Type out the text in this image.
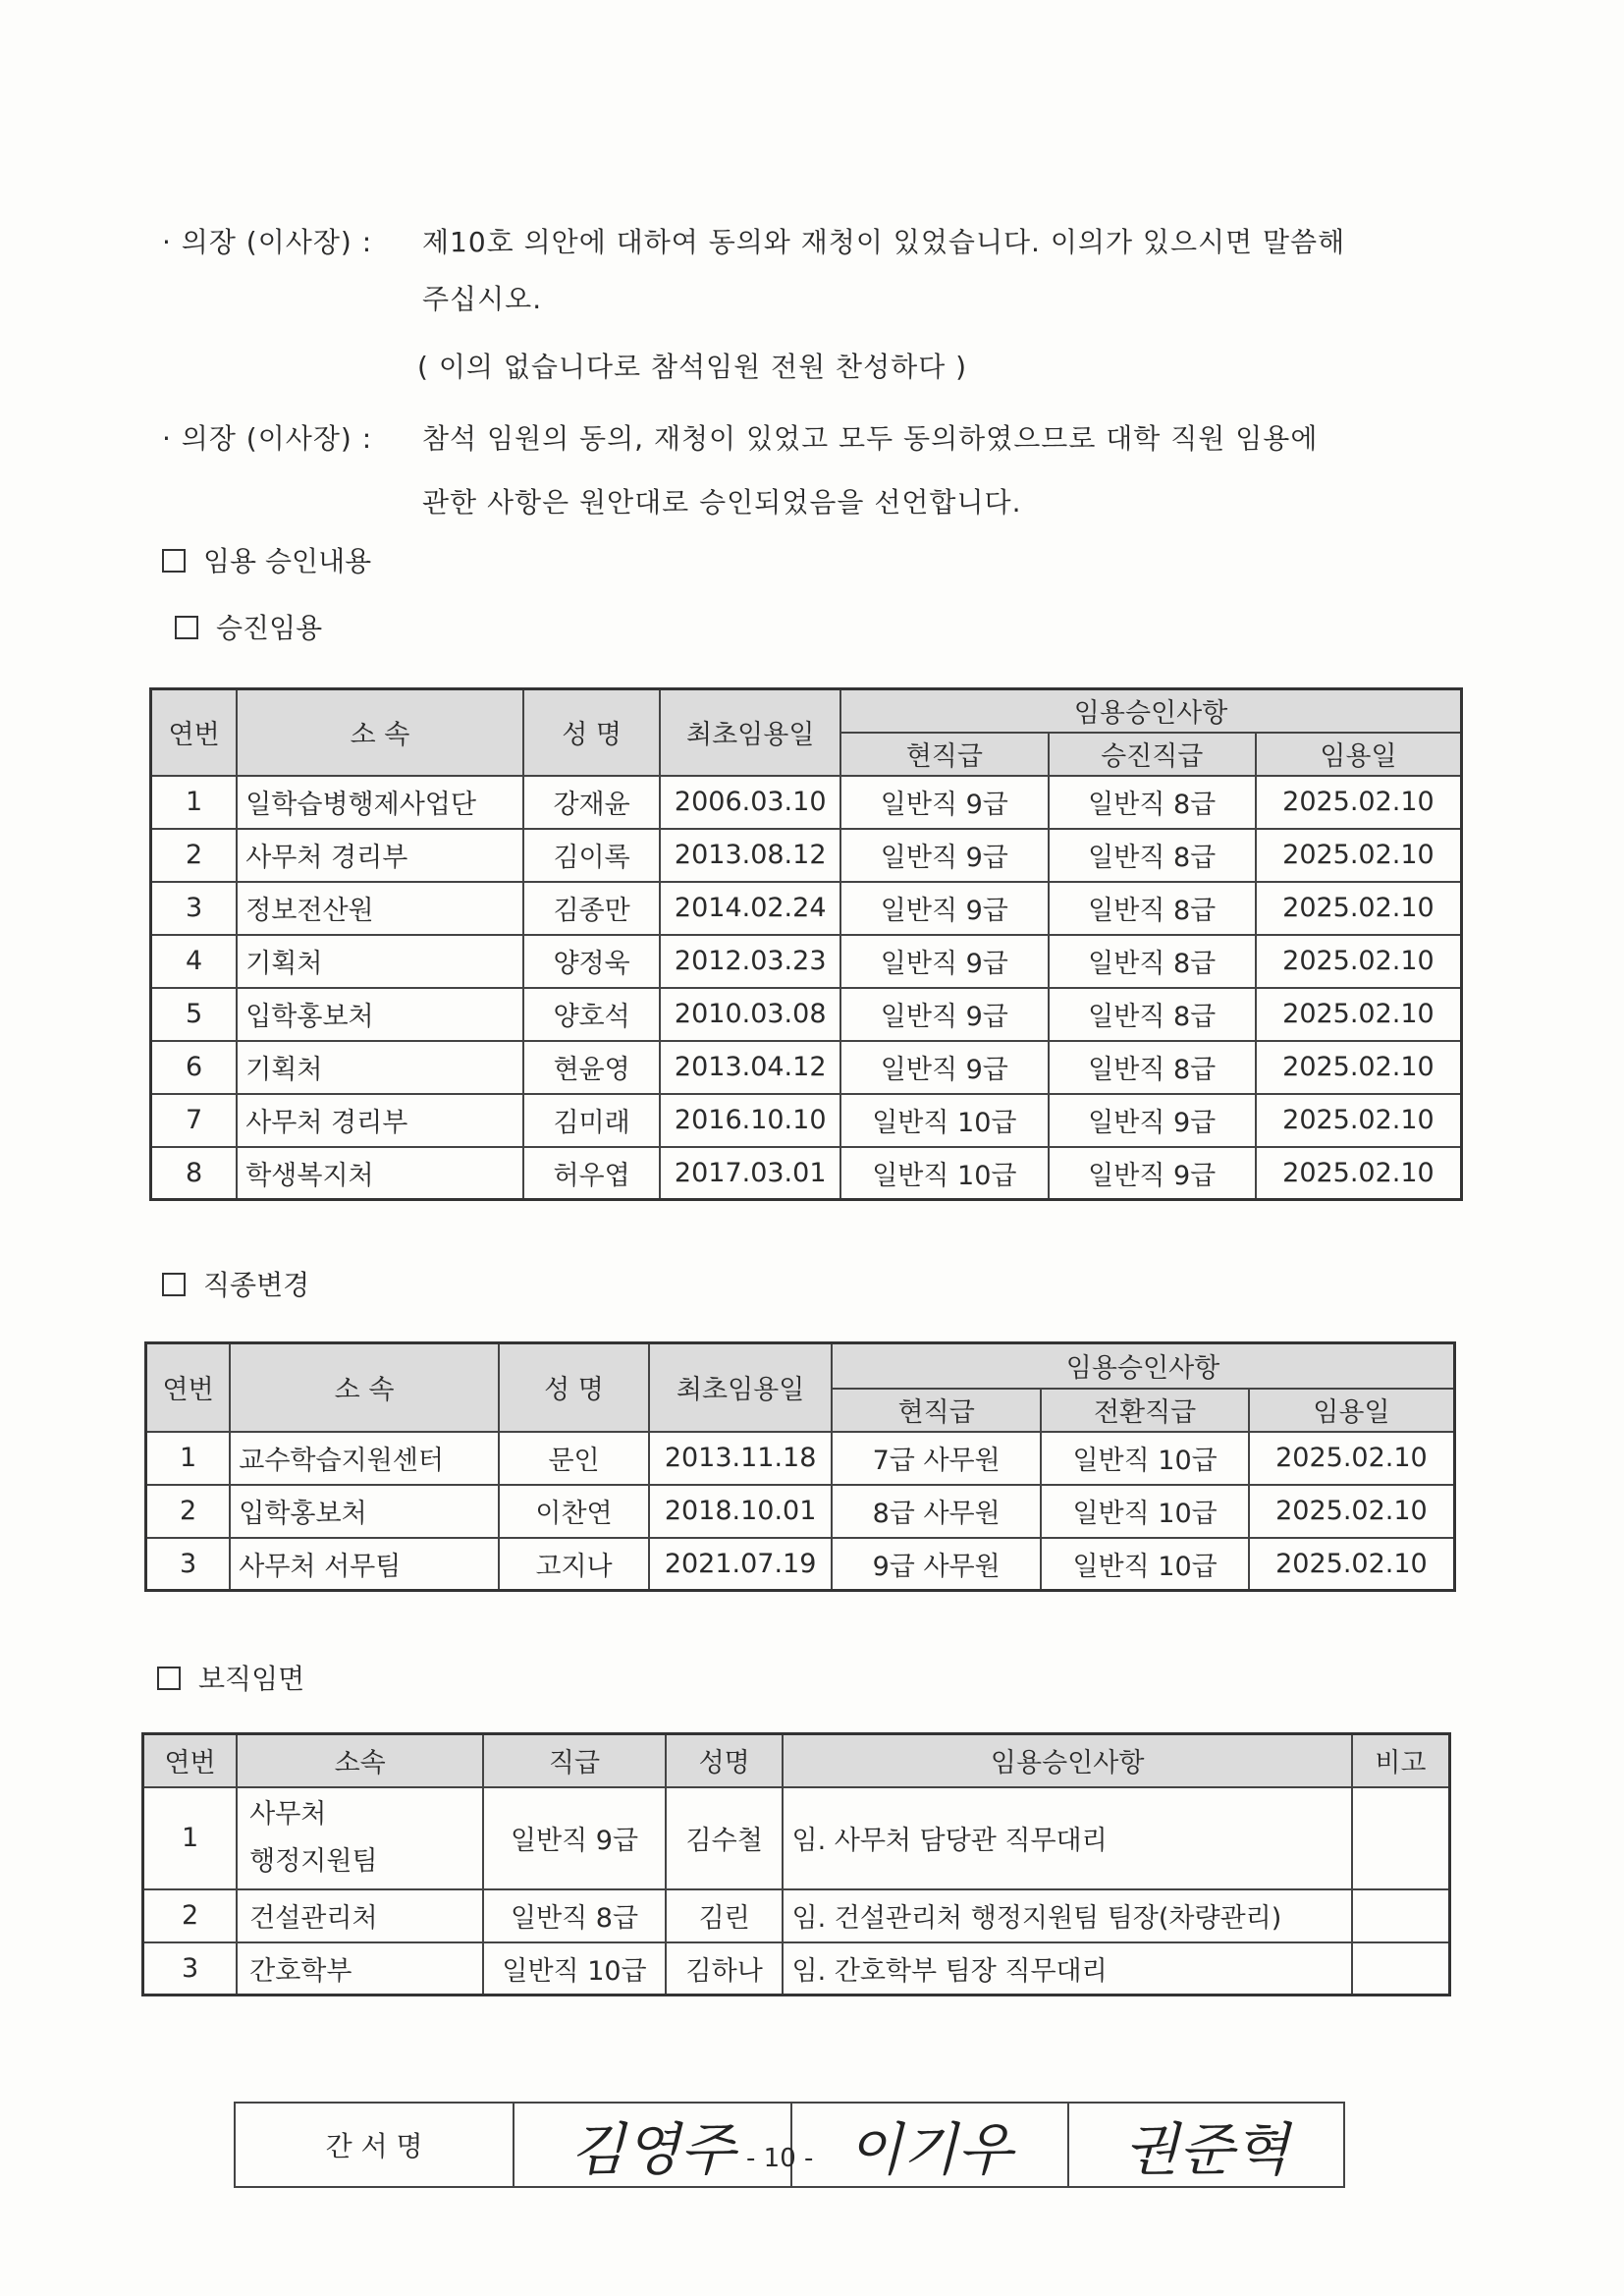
· 의장 (이사장) : 제10호 의안에 대하여 동의와 재청이 있었습니다. 이의가 있으시면 말씀해
주십시오.
( 이의 없습니다로 참석임원 전원 찬성하다 )
· 의장 (이사장) : 참석 임원의 동의, 재청이 있었고 모두 동의하였으므로 대학 직원 임용에
관한 사항은 원안대로 승인되었음을 선언합니다.
임용 승인내용
승진임용
연번	소 속	성 명	최초임용일	임용승인사항		
				현직급	승진직급	임용일
1	일학습병행제사업단	강재윤	2006.03.10	일반직 9급	일반직 8급	2025.02.10
2	사무처 경리부	김이록	2013.08.12	일반직 9급	일반직 8급	2025.02.10
3	정보전산원	김종만	2014.02.24	일반직 9급	일반직 8급	2025.02.10
4	기획처	양정욱	2012.03.23	일반직 9급	일반직 8급	2025.02.10
5	입학홍보처	양호석	2010.03.08	일반직 9급	일반직 8급	2025.02.10
6	기획처	현윤영	2013.04.12	일반직 9급	일반직 8급	2025.02.10
7	사무처 경리부	김미래	2016.10.10	일반직 10급	일반직 9급	2025.02.10
8	학생복지처	허우엽	2017.03.01	일반직 10급	일반직 9급	2025.02.10
직종변경
연번	소 속	성 명	최초임용일	임용승인사항		
				현직급	전환직급	임용일
1	교수학습지원센터	문인	2013.11.18	7급 사무원	일반직 10급	2025.02.10
2	입학홍보처	이찬연	2018.10.01	8급 사무원	일반직 10급	2025.02.10
3	사무처 서무팀	고지나	2021.07.19	9급 사무원	일반직 10급	2025.02.10
보직임면
연번	소속	직급	성명	임용승인사항	비고
1	사무처
행정지원팀	일반직 9급	김수철	임. 사무처 담당관 직무대리	
2	건설관리처	일반직 8급	김린	임. 건설관리처 행정지원팀 팀장(차량관리)	
3	간호학부	일반직 10급	김하나	임. 간호학부 팀장 직무대리	
간 서 명	김영주	이기우	권준혁
- 10 -
